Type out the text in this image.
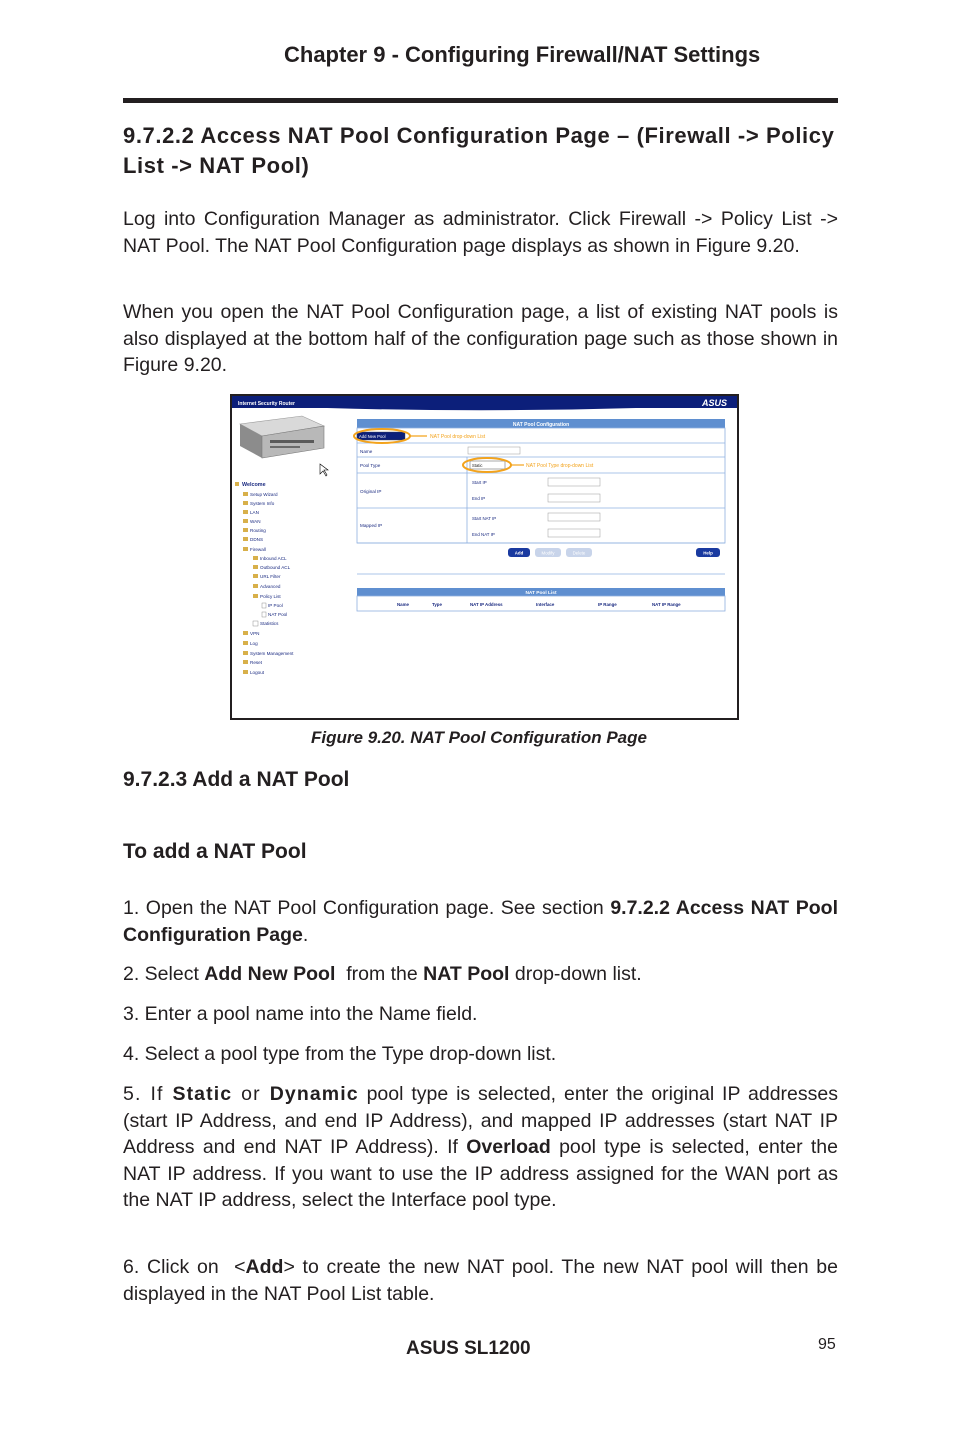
Chapter 9 - Configuring Firewall/NAT Settings
9.7.2.2 Access NAT Pool Configuration Page – (Firewall -> Policy List -> NAT Pool)
Log into Configuration Manager as administrator. Click Firewall -> Policy List -> NAT Pool. The NAT Pool Configuration page displays as shown in Figure 9.20.
When you open the NAT Pool Configuration page, a list of existing NAT pools is also displayed at the bottom half of the configuration page such as those shown in Figure 9.20.
Internet Security Router	ASUS
Welcome
Setup Wizard
System Info
LAN
WAN
Routing
DDNS
Firewall
Inbound ACL
Outbound ACL
URL Filter
Advanced
Policy List
IP Pool
NAT Pool
Statistics
VPN
Log
System Management
Reset
Logout
NAT Pool Configuration
Add New Pool	NAT Pool drop-down List
Name
Pool Type	Static	NAT Pool Type drop-down List
Original IP
Start IP
End IP
Mapped IP
Start NAT IP
End NAT IP
Add	Modify	Delete	Help
NAT Pool List
Name	Type	NAT IP Address	Interface	IP Range	NAT IP Range
Figure 9.20. NAT Pool Configuration Page
9.7.2.3 Add a NAT Pool
To add a NAT Pool
1. Open the NAT Pool Configuration page. See section 9.7.2.2 Access NAT Pool Configuration Page.
2. Select Add New Pool  from the NAT Pool drop-down list.
3. Enter a pool name into the Name field.
4. Select a pool type from the Type drop-down list.
5. If Static or Dynamic pool type is selected, enter the original IP addresses (start IP Address, and end IP Address), and mapped IP addresses (start NAT IP Address and end NAT IP Address). If Overload pool type is selected, enter the NAT IP address. If you want to use the IP address assigned for the WAN port as the NAT IP address, select the Interface pool type.
6. Click on  <Add> to create the new NAT pool. The new NAT pool will then be displayed in the NAT Pool List table.
ASUS SL1200	95
